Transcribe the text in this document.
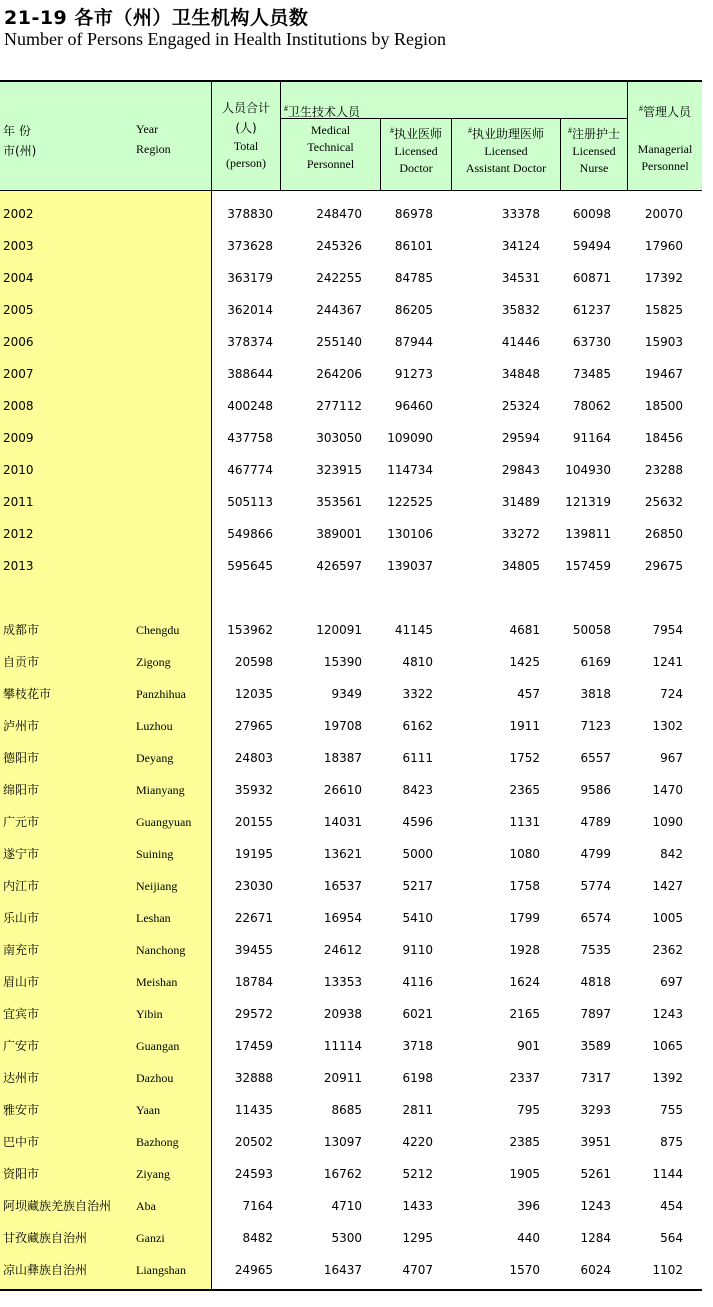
21-19 各市（州）卫生机构人员数
Number of Persons Engaged in Health Institutions by Region
年 份
市(州)
Year
Region
人员合计
(人)
Total
(person)
#卫生技术人员
Medical
Technical
Personnel
#执业医师
Licensed
Doctor
#执业助理医师
Licensed
Assistant Doctor
#注册护士
Licensed
Nurse
#管理人员
Managerial
Personnel
2002	378830	248470	86978	33378	60098	20070
2003	373628	245326	86101	34124	59494	17960
2004	363179	242255	84785	34531	60871	17392
2005	362014	244367	86205	35832	61237	15825
2006	378374	255140	87944	41446	63730	15903
2007	388644	264206	91273	34848	73485	19467
2008	400248	277112	96460	25324	78062	18500
2009	437758	303050	109090	29594	91164	18456
2010	467774	323915	114734	29843	104930	23288
2011	505113	353561	122525	31489	121319	25632
2012	549866	389001	130106	33272	139811	26850
2013	595645	426597	139037	34805	157459	29675
成都市	Chengdu	153962	120091	41145	4681	50058	7954
自贡市	Zigong	20598	15390	4810	1425	6169	1241
攀枝花市	Panzhihua	12035	9349	3322	457	3818	724
泸州市	Luzhou	27965	19708	6162	1911	7123	1302
德阳市	Deyang	24803	18387	6111	1752	6557	967
绵阳市	Mianyang	35932	26610	8423	2365	9586	1470
广元市	Guangyuan	20155	14031	4596	1131	4789	1090
遂宁市	Suining	19195	13621	5000	1080	4799	842
内江市	Neijiang	23030	16537	5217	1758	5774	1427
乐山市	Leshan	22671	16954	5410	1799	6574	1005
南充市	Nanchong	39455	24612	9110	1928	7535	2362
眉山市	Meishan	18784	13353	4116	1624	4818	697
宜宾市	Yibin	29572	20938	6021	2165	7897	1243
广安市	Guangan	17459	11114	3718	901	3589	1065
达州市	Dazhou	32888	20911	6198	2337	7317	1392
雅安市	Yaan	11435	8685	2811	795	3293	755
巴中市	Bazhong	20502	13097	4220	2385	3951	875
资阳市	Ziyang	24593	16762	5212	1905	5261	1144
阿坝藏族羌族自治州 Aba	7164	4710	1433	396	1243	454
甘孜藏族自治州	Ganzi	8482	5300	1295	440	1284	564
凉山彝族自治州	Liangshan	24965	16437	4707	1570	6024	1102
